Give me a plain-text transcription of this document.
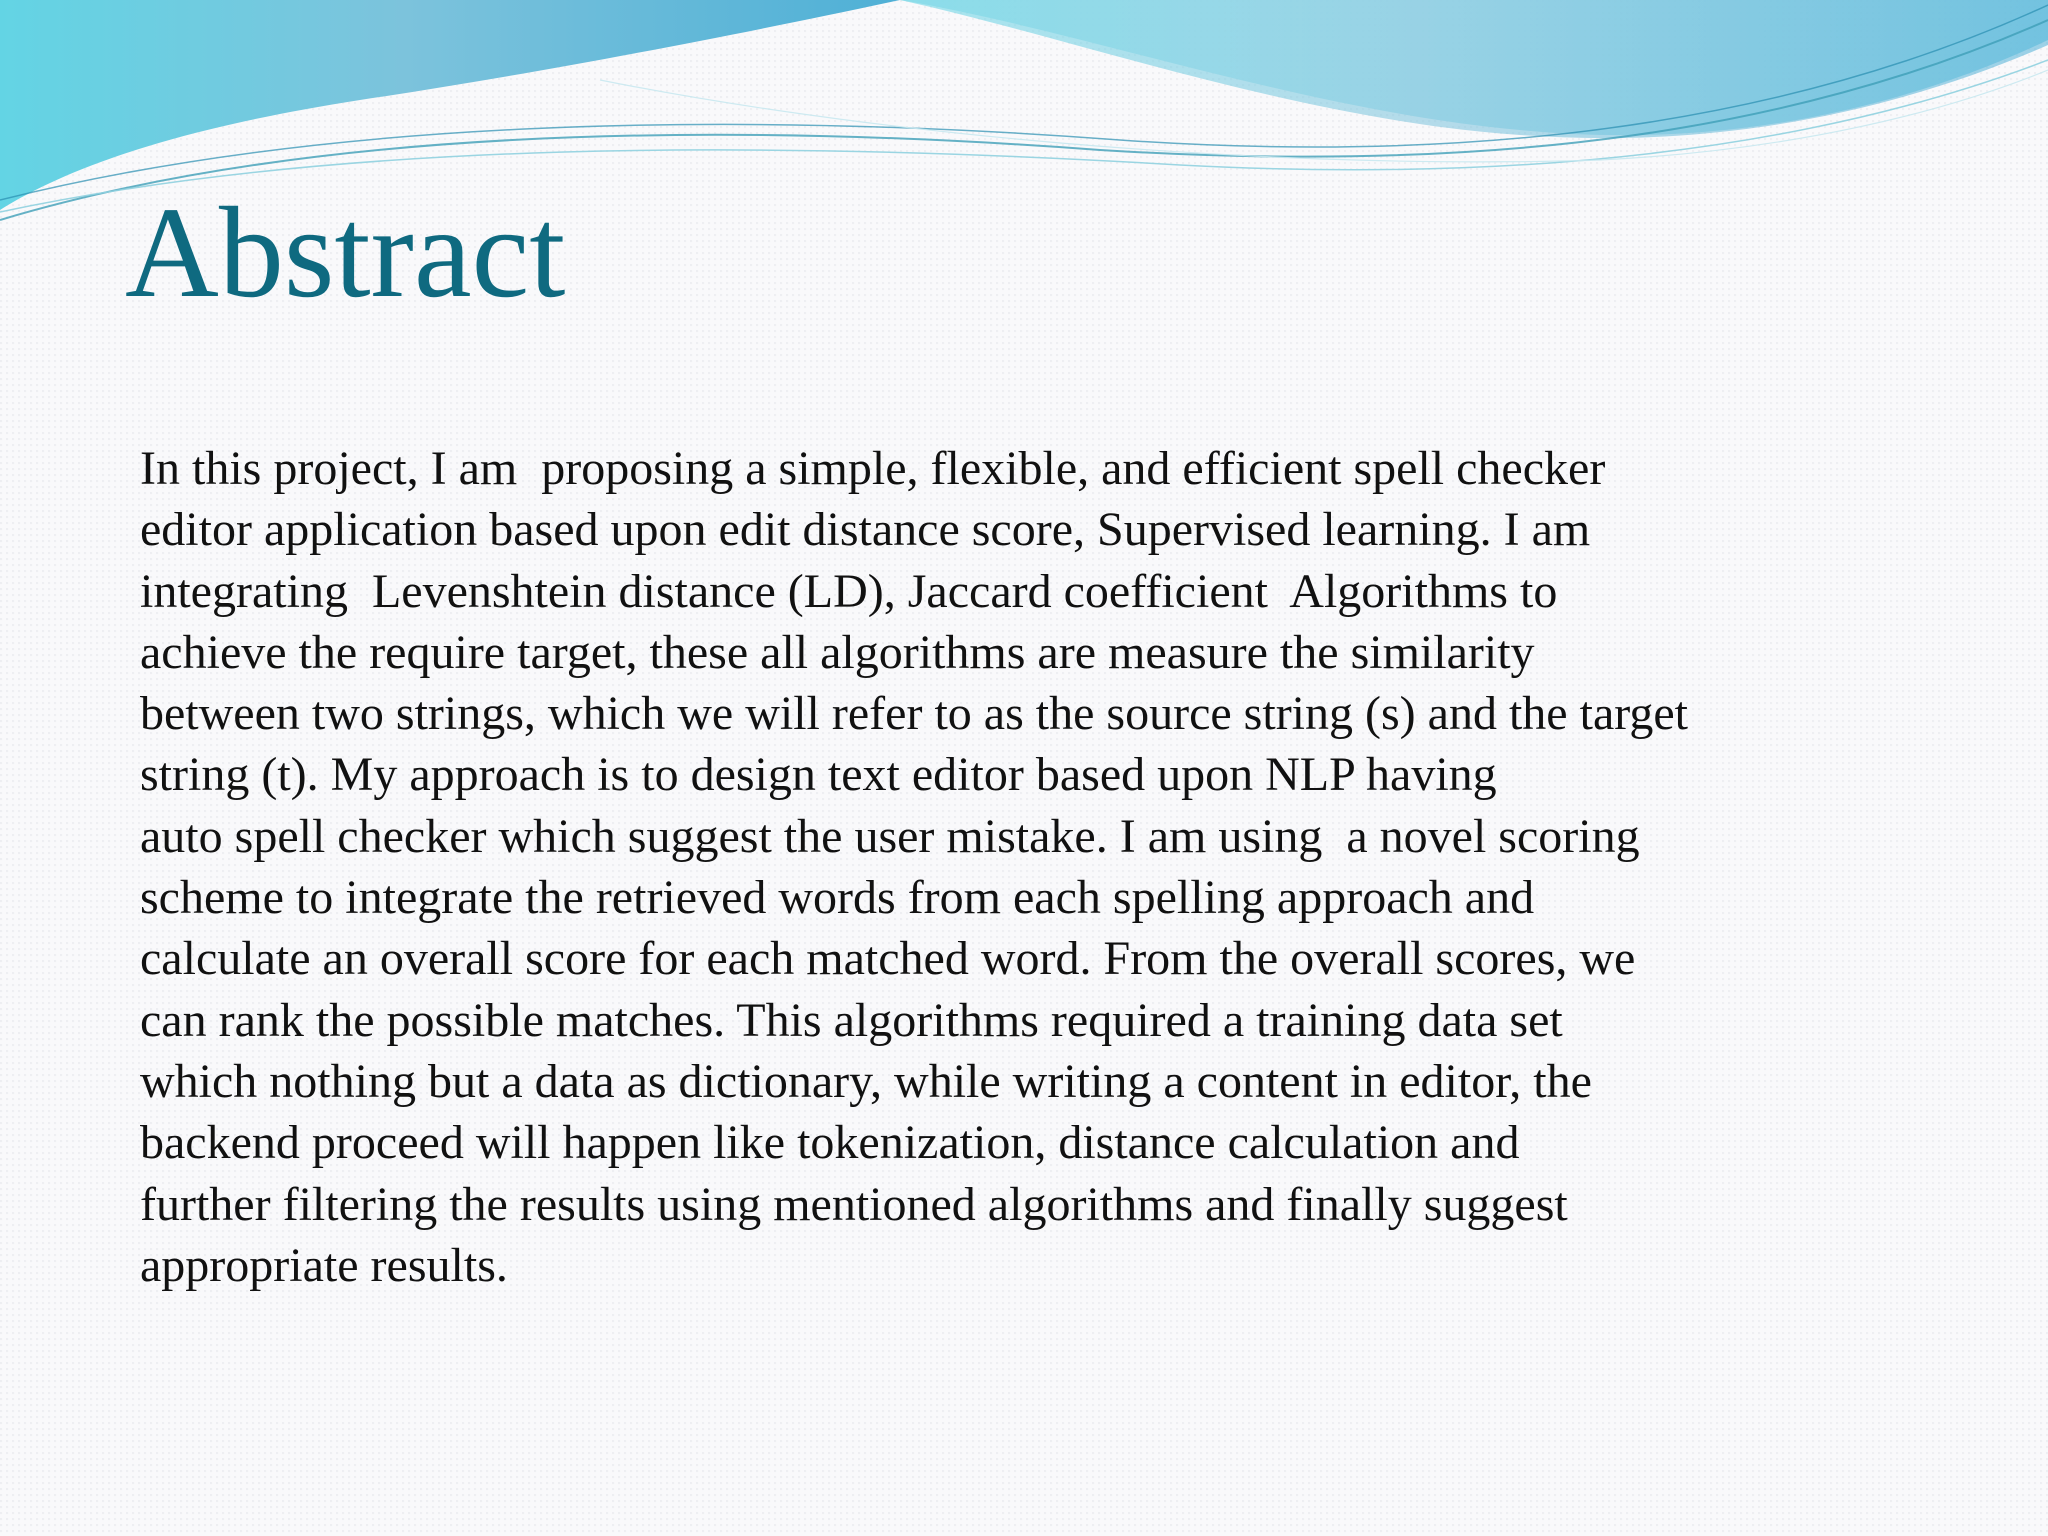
Abstract
In this project, I am  proposing a simple, flexible, and efficient spell checker
editor application based upon edit distance score, Supervised learning. I am
integrating  Levenshtein distance (LD), Jaccard coefficient  Algorithms to
achieve the require target, these all algorithms are measure the similarity
between two strings, which we will refer to as the source string (s) and the target
string (t). My approach is to design text editor based upon NLP having
auto spell checker which suggest the user mistake. I am using  a novel scoring
scheme to integrate the retrieved words from each spelling approach and
calculate an overall score for each matched word. From the overall scores, we
can rank the possible matches. This algorithms required a training data set
which nothing but a data as dictionary, while writing a content in editor, the
backend proceed will happen like tokenization, distance calculation and
further filtering the results using mentioned algorithms and finally suggest
appropriate results.
